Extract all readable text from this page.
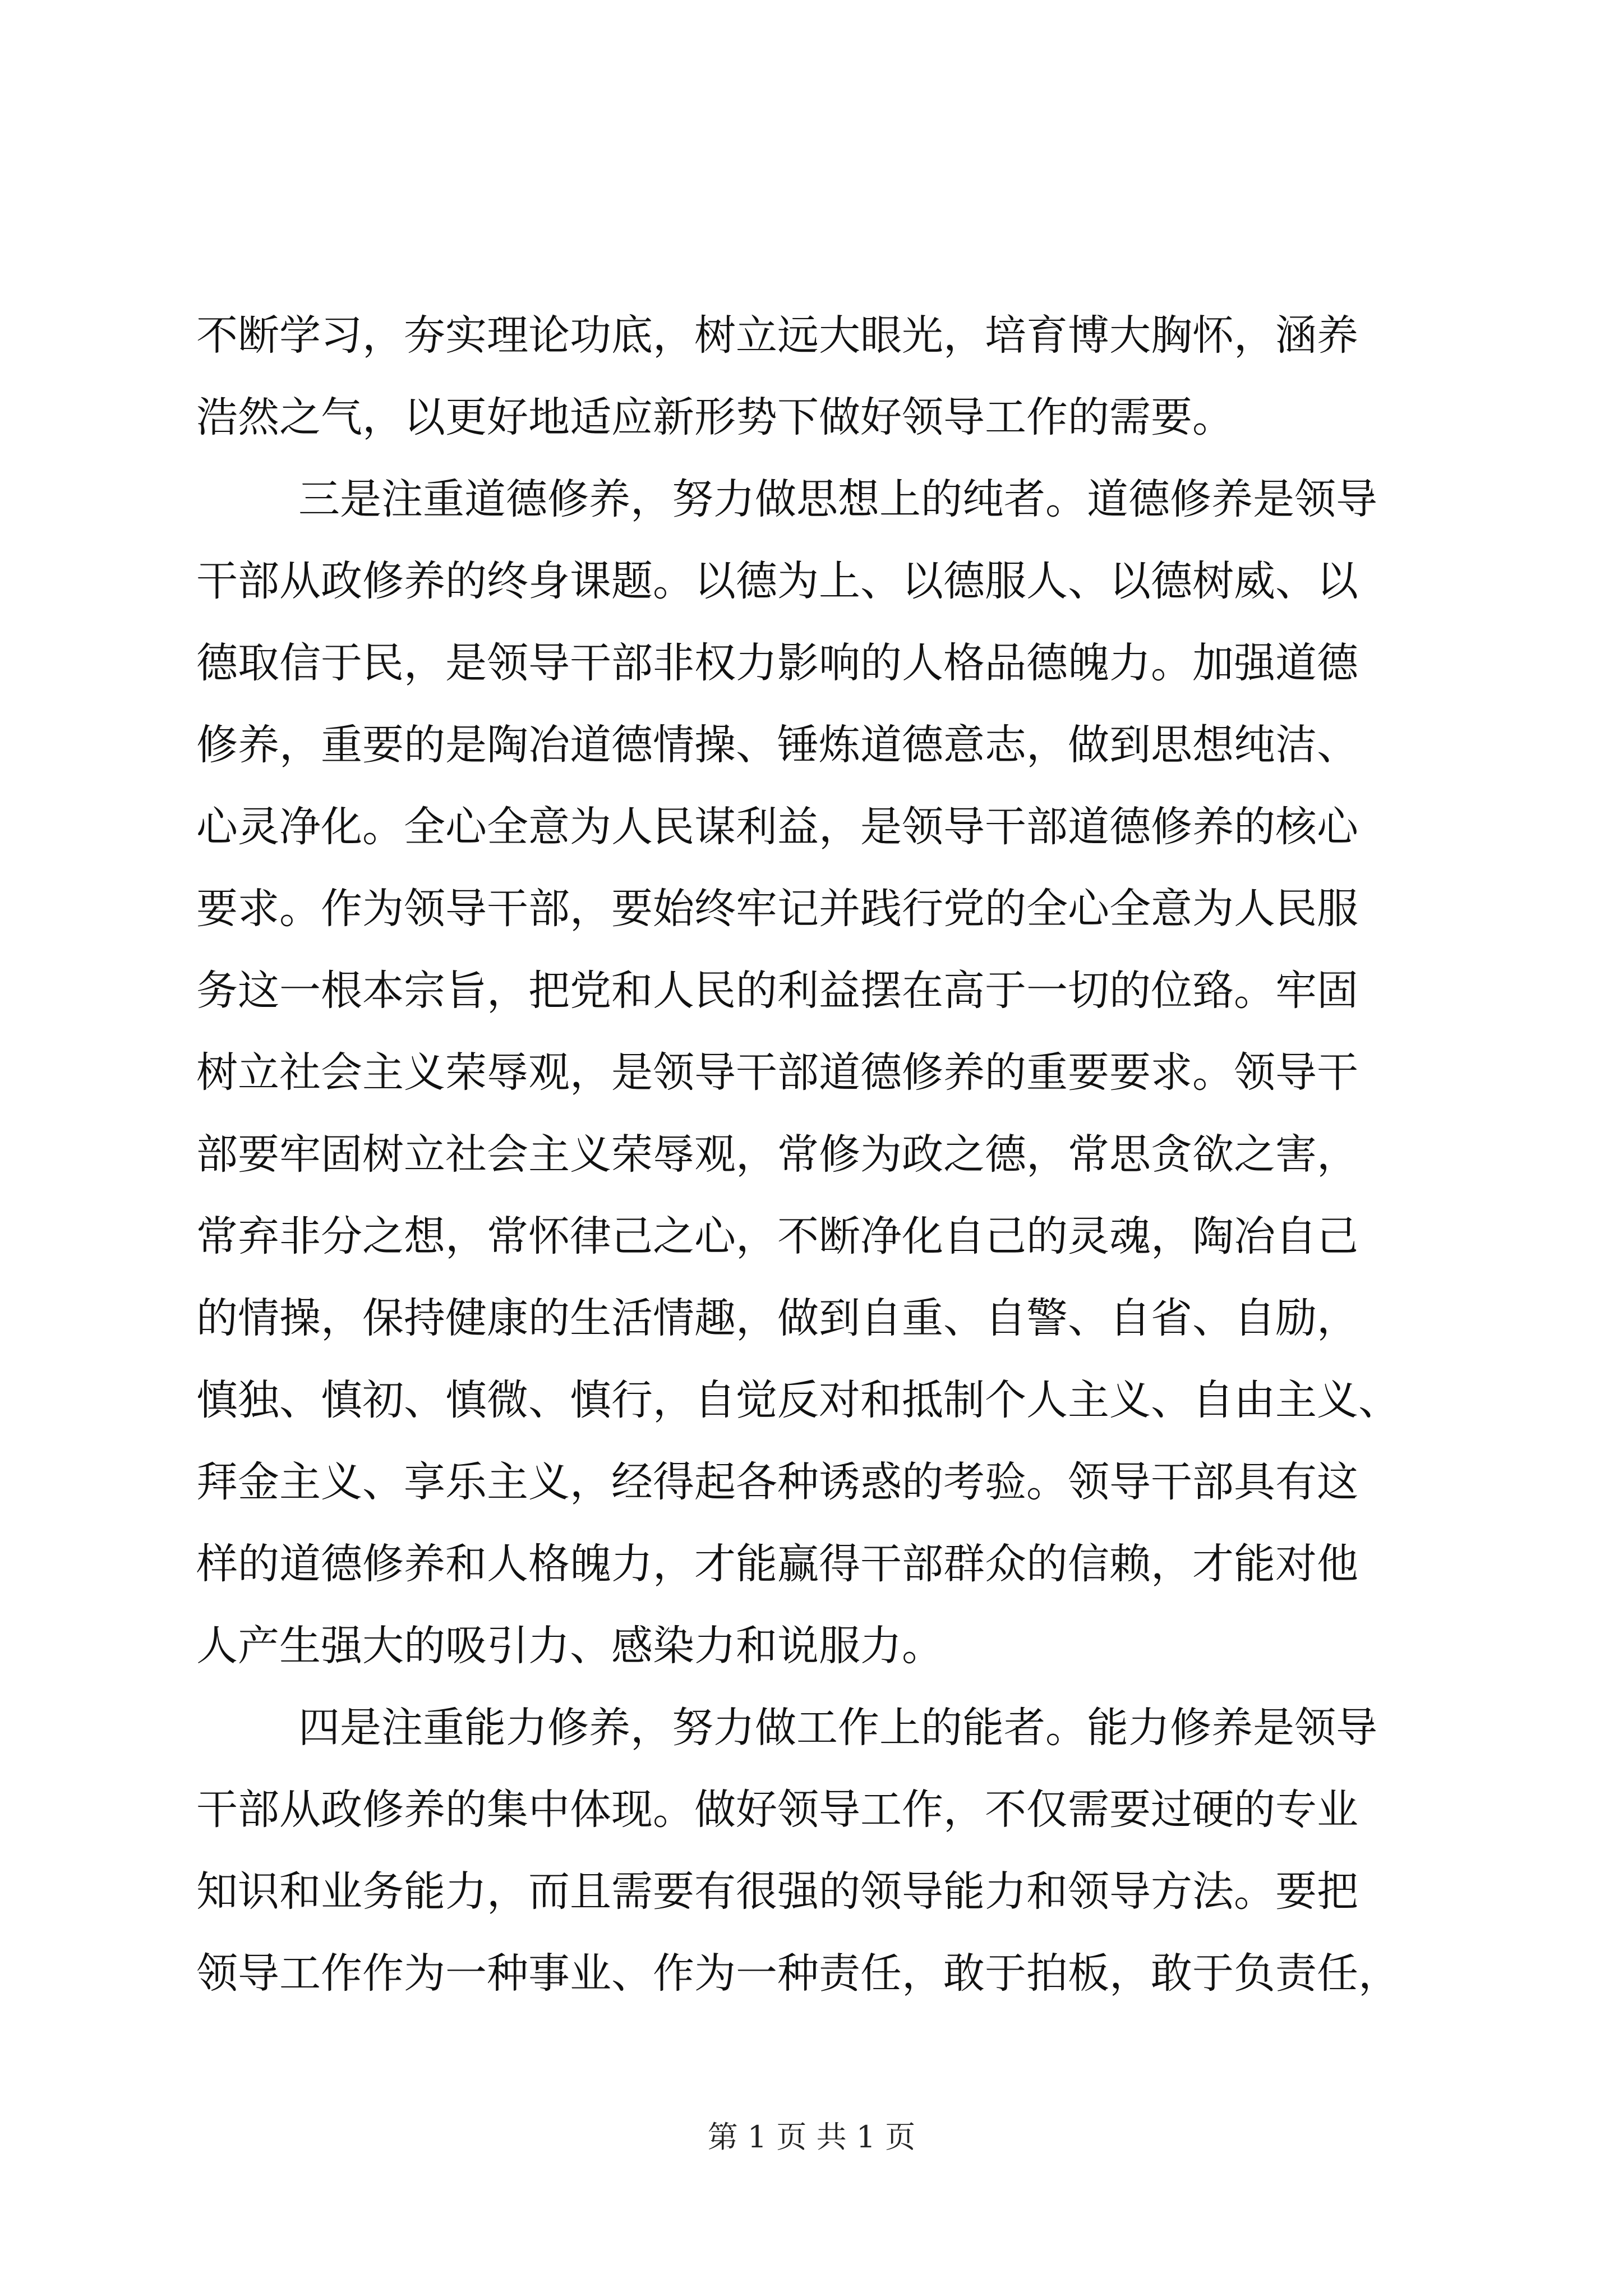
不断学习，夯实理论功底，树立远大眼光，培育博大胸怀，涵养
浩然之气，以更好地适应新形势下做好领导工作的需要。
三是注重道德修养，努力做思想上的纯者。道德修养是领导
干部从政修养的终身课题。以德为上、以德服人、以德树威、以
德取信于民，是领导干部非权力影响的人格品德魄力。加强道德
修养，重要的是陶冶道德情操、锤炼道德意志，做到思想纯洁、
心灵净化。全心全意为人民谋利益，是领导干部道德修养的核心
要求。作为领导干部，要始终牢记并践行党的全心全意为人民服
务这一根本宗旨，把党和人民的利益摆在高于一切的位臵。牢固
树立社会主义荣辱观，是领导干部道德修养的重要要求。领导干
部要牢固树立社会主义荣辱观，常修为政之德，常思贪欲之害，
常弃非分之想，常怀律己之心，不断净化自己的灵魂，陶冶自己
的情操，保持健康的生活情趣，做到自重、自警、自省、自励，
慎独、慎初、慎微、慎行，自觉反对和抵制个人主义、自由主义、
拜金主义、享乐主义，经得起各种诱惑的考验。领导干部具有这
样的道德修养和人格魄力，才能赢得干部群众的信赖，才能对他
人产生强大的吸引力、感染力和说服力。
四是注重能力修养，努力做工作上的能者。能力修养是领导
干部从政修养的集中体现。做好领导工作，不仅需要过硬的专业
知识和业务能力，而且需要有很强的领导能力和领导方法。要把
领导工作作为一种事业、作为一种责任，敢于拍板，敢于负责任，
第 1 页 共 1 页
